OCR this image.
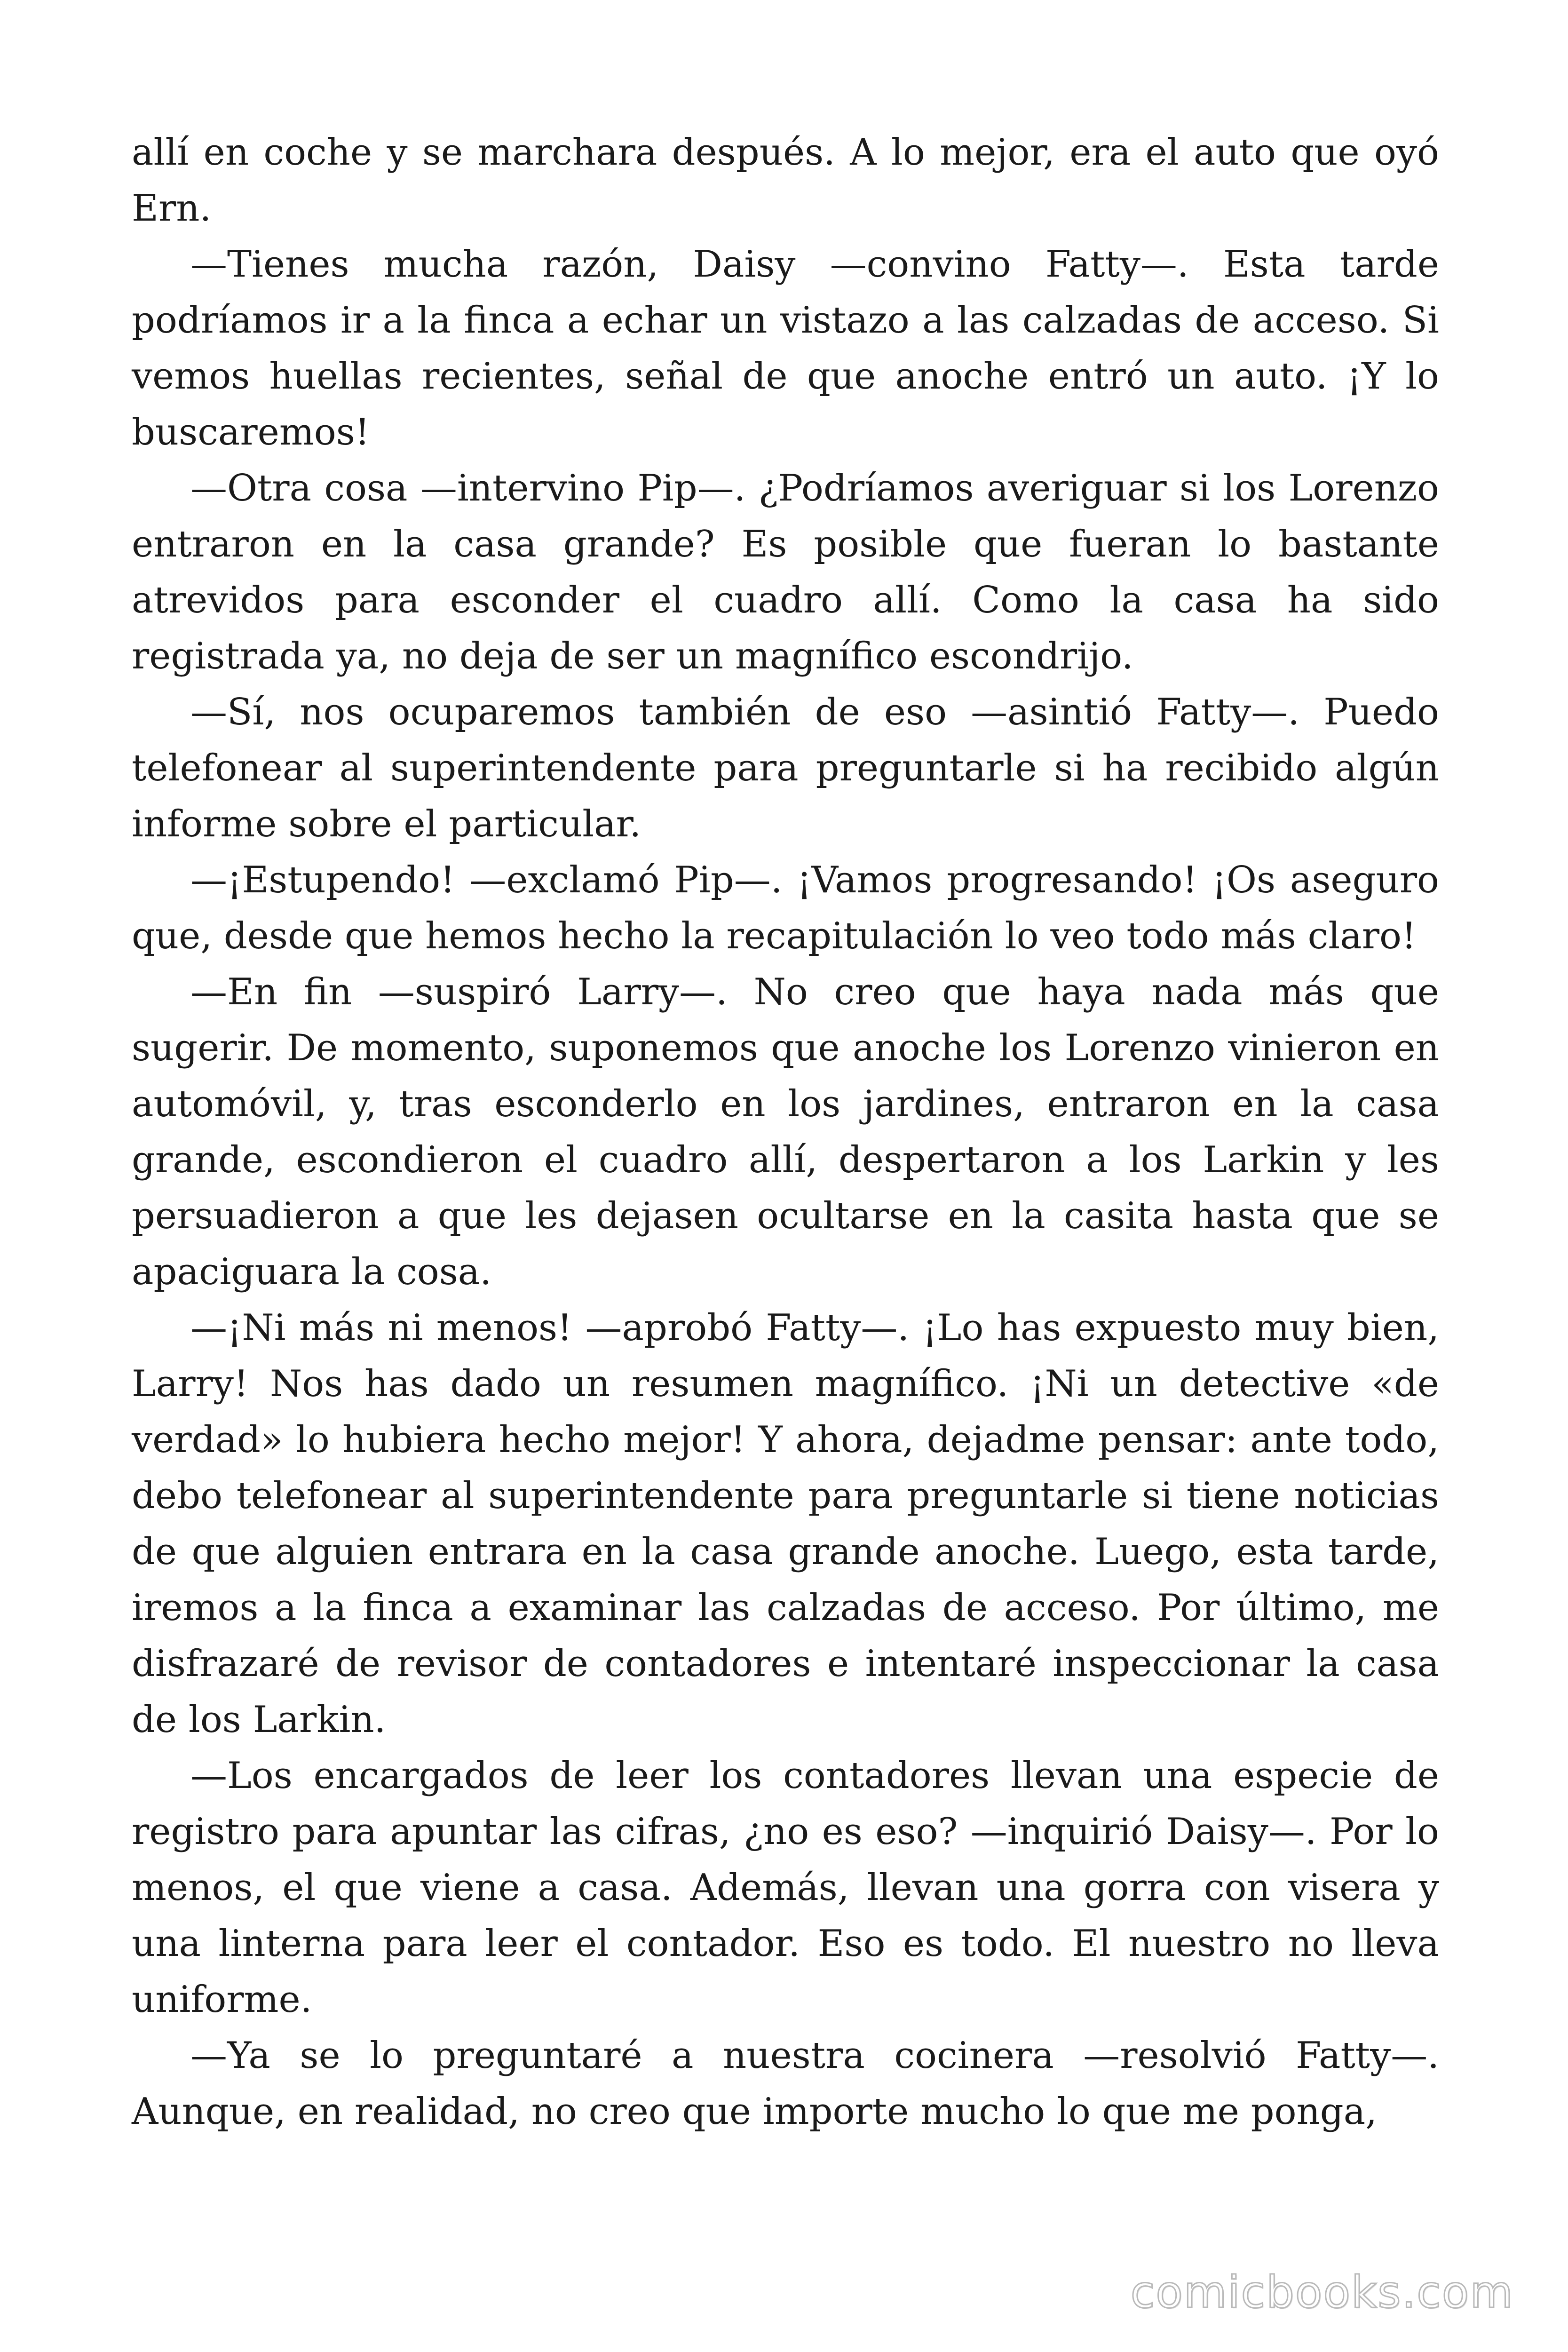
allí en coche y se marchara después. A lo mejor, era el auto que oyó Ern.

—Tienes mucha razón, Daisy —convino Fatty—. Esta tarde podríamos ir a la finca a echar un vistazo a las calzadas de acceso. Si vemos huellas recientes, señal de que anoche entró un auto. ¡Y lo buscaremos!

—Otra cosa —intervino Pip—. ¿Podríamos averiguar si los Lorenzo entraron en la casa grande? Es posible que fueran lo bastante atrevidos para esconder el cuadro allí. Como la casa ha sido registrada ya, no deja de ser un magnífico escondrijo.

—Sí, nos ocuparemos también de eso —asintió Fatty—. Puedo telefonear al superintendente para preguntarle si ha recibido algún informe sobre el particular.

—¡Estupendo! —exclamó Pip—. ¡Vamos progresando! ¡Os aseguro que, desde que hemos hecho la recapitulación lo veo todo más claro!

—En fin —suspiró Larry—. No creo que haya nada más que sugerir. De momento, suponemos que anoche los Lorenzo vinieron en automóvil, y, tras esconderlo en los jardines, entraron en la casa grande, escondieron el cuadro allí, despertaron a los Larkin y les persuadieron a que les dejasen ocultarse en la casita hasta que se apaciguara la cosa.

—¡Ni más ni menos! —aprobó Fatty—. ¡Lo has expuesto muy bien, Larry! Nos has dado un resumen magnífico. ¡Ni un detective «de verdad» lo hubiera hecho mejor! Y ahora, dejadme pensar: ante todo, debo telefonear al superintendente para preguntarle si tiene noticias de que alguien entrara en la casa grande anoche. Luego, esta tarde, iremos a la finca a examinar las calzadas de acceso. Por último, me disfrazaré de revisor de contadores e intentaré inspeccionar la casa de los Larkin.

—Los encargados de leer los contadores llevan una especie de registro para apuntar las cifras, ¿no es eso? —inquirió Daisy—. Por lo menos, el que viene a casa. Además, llevan una gorra con visera y una linterna para leer el contador. Eso es todo. El nuestro no lleva uniforme.

—Ya se lo preguntaré a nuestra cocinera —resolvió Fatty—. Aunque, en realidad, no creo que importe mucho lo que me ponga,

comicbooks.com
